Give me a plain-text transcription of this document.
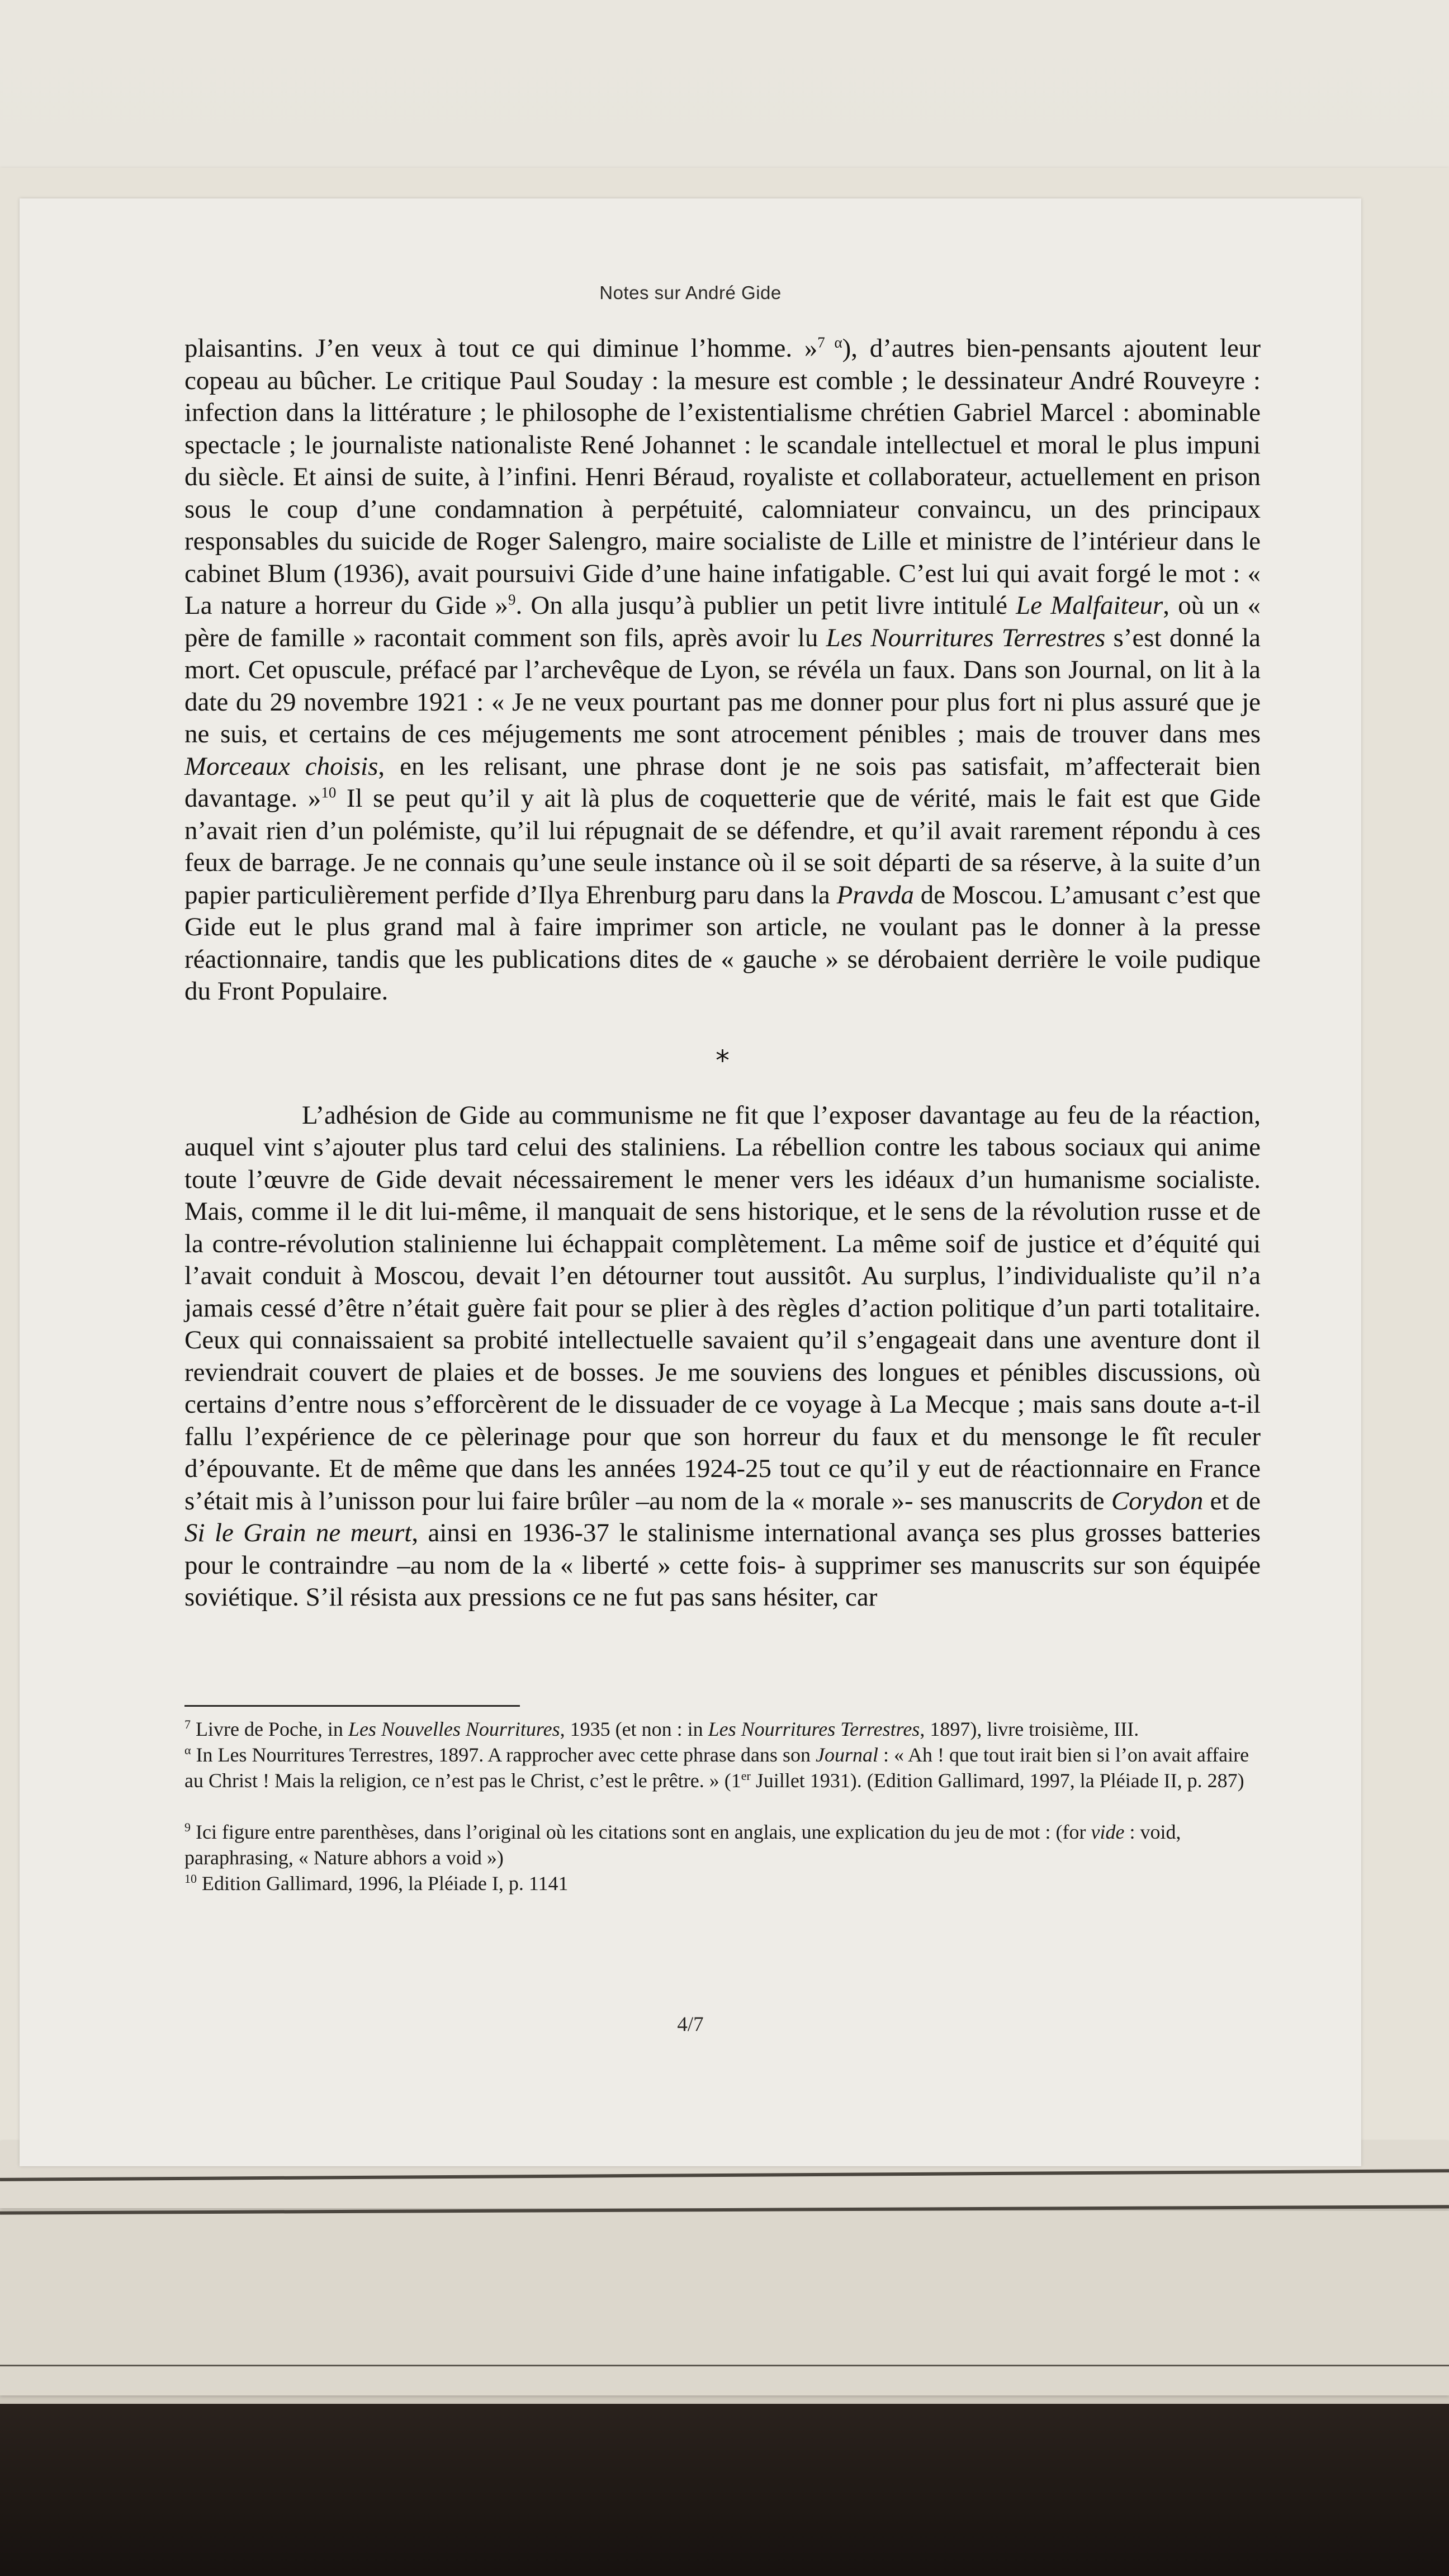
Notes sur André Gide

plaisantins. J’en veux à tout ce qui diminue l’homme. »$^{7 \alpha}$), d’autres bien-pensants ajoutent leur copeau au bûcher. Le critique Paul Souday : la mesure est comble ; le dessinateur André Rouveyre : infection dans la littérature ; le philosophe de l’existentialisme chrétien Gabriel Marcel : abominable spectacle ; le journaliste nationaliste René Johannet : le scandale intellectuel et moral le plus impuni du siècle. Et ainsi de suite, à l’infini. Henri Béraud, royaliste et collaborateur, actuellement en prison sous le coup d’une condamnation à perpétuité, calomniateur convaincu, un des principaux responsables du suicide de Roger Salengro, maire socialiste de Lille et ministre de l’intérieur dans le cabinet Blum (1936), avait poursuivi Gide d’une haine infatigable. C’est lui qui avait forgé le mot : « La nature a horreur du Gide »$^9$. On alla jusqu’à publier un petit livre intitulé Le Malfaiteur, où un « père de famille » racontait comment son fils, après avoir lu Les Nourritures Terrestres s’est donné la mort. Cet opuscule, préfacé par l’archevêque de Lyon, se révéla un faux. Dans son Journal, on lit à la date du 29 novembre 1921 : « Je ne veux pourtant pas me donner pour plus fort ni plus assuré que je ne suis, et certains de ces méjugements me sont atrocement pénibles ; mais de trouver dans mes Morceaux choisis, en les relisant, une phrase dont je ne sois pas satisfait, m’affecterait bien davantage. »$^{10}$ Il se peut qu’il y ait là plus de coquetterie que de vérité, mais le fait est que Gide n’avait rien d’un polémiste, qu’il lui répugnait de se défendre, et qu’il avait rarement répondu à ces feux de barrage. Je ne connais qu’une seule instance où il se soit départi de sa réserve, à la suite d’un papier particulièrement perfide d’Ilya Ehrenburg paru dans la Pravda de Moscou. L’amusant c’est que Gide eut le plus grand mal à faire imprimer son article, ne voulant pas le donner à la presse réactionnaire, tandis que les publications dites de « gauche » se dérobaient derrière le voile pudique du Front Populaire.

⁎

L’adhésion de Gide au communisme ne fit que l’exposer davantage au feu de la réaction, auquel vint s’ajouter plus tard celui des staliniens. La rébellion contre les tabous sociaux qui anime toute l’œuvre de Gide devait nécessairement le mener vers les idéaux d’un humanisme socialiste. Mais, comme il le dit lui-même, il manquait de sens historique, et le sens de la révolution russe et de la contre-révolution stalinienne lui échappait complètement. La même soif de justice et d’équité qui l’avait conduit à Moscou, devait l’en détourner tout aussitôt. Au surplus, l’individualiste qu’il n’a jamais cessé d’être n’était guère fait pour se plier à des règles d’action politique d’un parti totalitaire. Ceux qui connaissaient sa probité intellectuelle savaient qu’il s’engageait dans une aventure dont il reviendrait couvert de plaies et de bosses. Je me souviens des longues et pénibles discussions, où certains d’entre nous s’efforcèrent de le dissuader de ce voyage à La Mecque ; mais sans doute a-t-il fallu l’expérience de ce pèlerinage pour que son horreur du faux et du mensonge le fît reculer d’épouvante. Et de même que dans les années 1924-25 tout ce qu’il y eut de réactionnaire en France s’était mis à l’unisson pour lui faire brûler –au nom de la « morale »- ses manuscrits de Corydon et de Si le Grain ne meurt, ainsi en 1936-37 le stalinisme international avança ses plus grosses batteries pour le contraindre –au nom de la « liberté » cette fois- à supprimer ses manuscrits sur son équipée soviétique. S’il résista aux pressions ce ne fut pas sans hésiter, car

$^7$ Livre de Poche, in Les Nouvelles Nourritures, 1935 (et non : in Les Nourritures Terrestres, 1897), livre troisième, III.

$^\alpha$ In Les Nourritures Terrestres, 1897. A rapprocher avec cette phrase dans son Journal : « Ah ! que tout irait bien si l’on avait affaire au Christ ! Mais la religion, ce n’est pas le Christ, c’est le prêtre. » (1er Juillet 1931). (Edition Gallimard, 1997, la Pléiade II, p. 287)

$^9$ Ici figure entre parenthèses, dans l’original où les citations sont en anglais, une explication du jeu de mot : (for vide : void, paraphrasing, « Nature abhors a void »)

$^{10}$ Edition Gallimard, 1996, la Pléiade I, p. 1141

4/7
